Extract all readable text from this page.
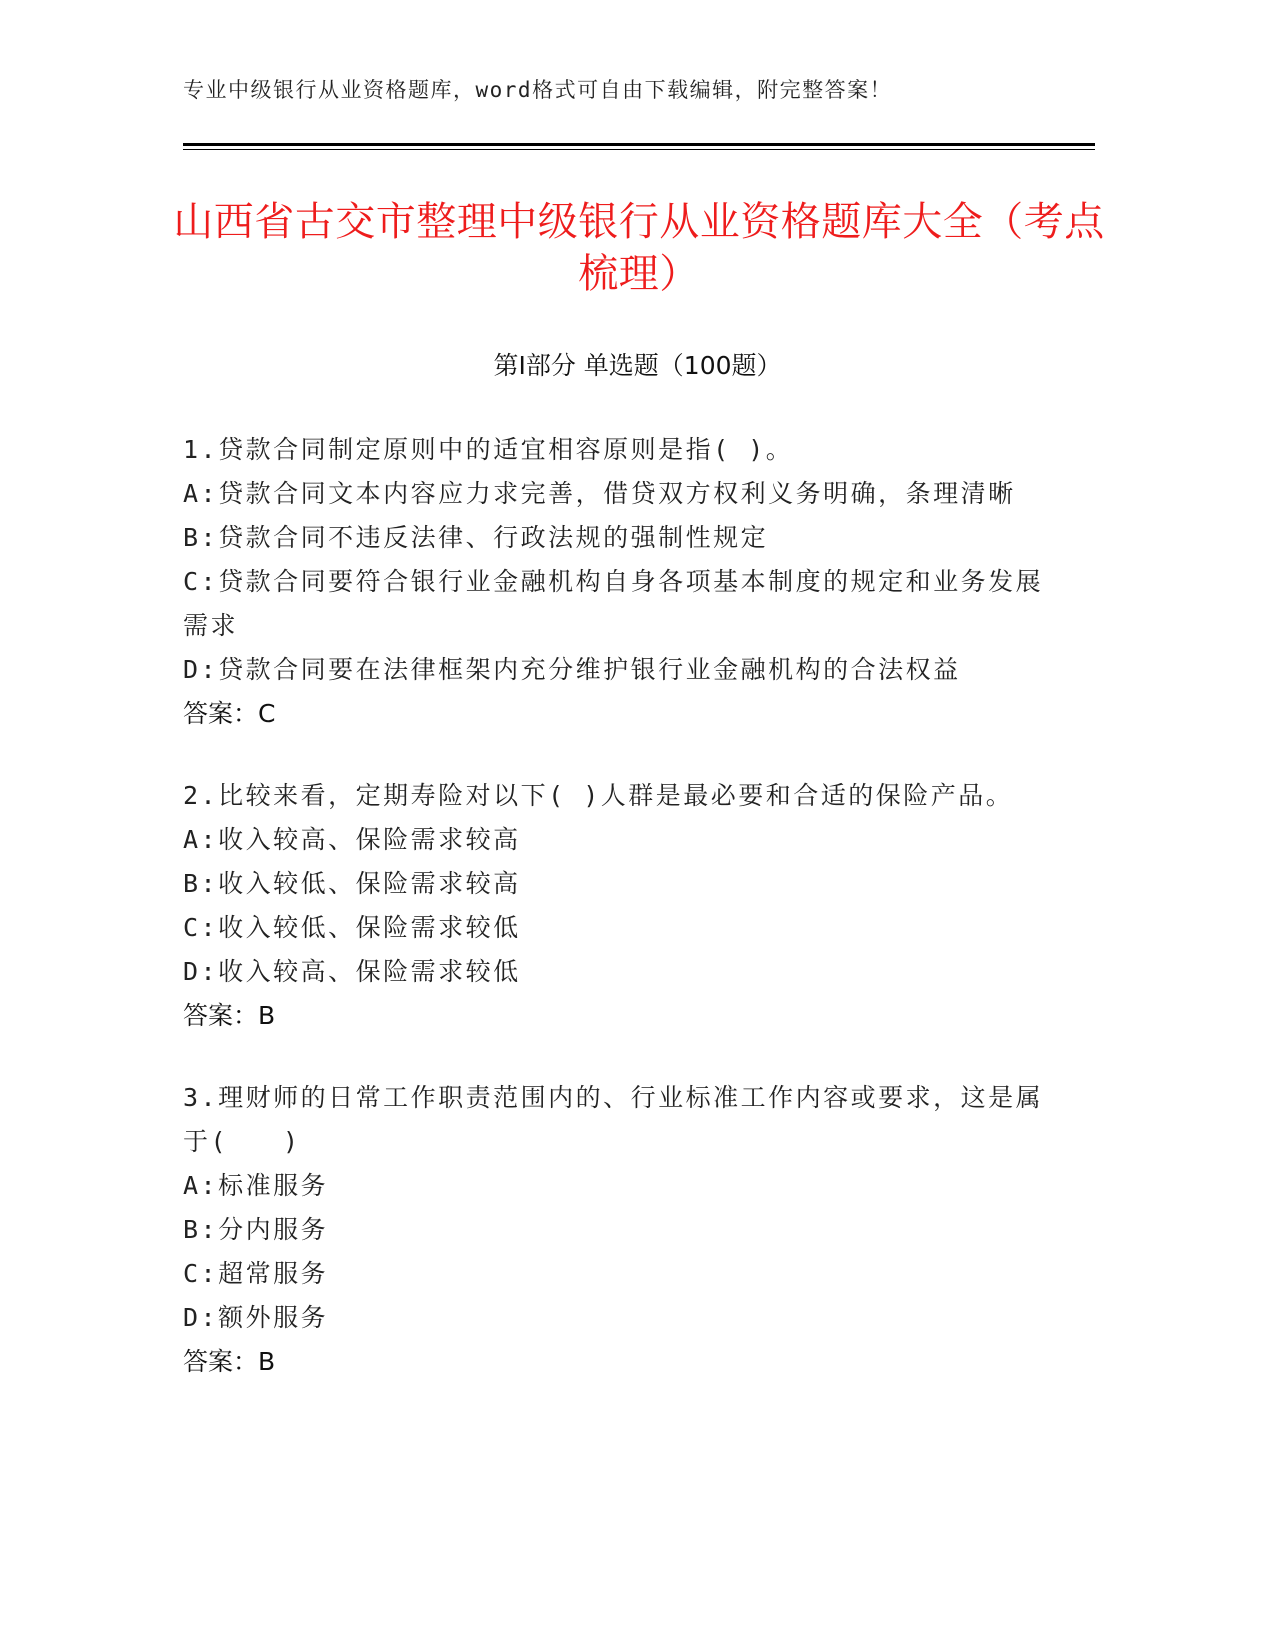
专业中级银行从业资格题库，word格式可自由下载编辑，附完整答案！
山西省古交市整理中级银行从业资格题库大全（考点梳理）
第Ⅰ部分 单选题（100题）
1.贷款合同制定原则中的适宜相容原则是指( )。
A:贷款合同文本内容应力求完善，借贷双方权利义务明确，条理清晰
B:贷款合同不违反法律、行政法规的强制性规定
C:贷款合同要符合银行业金融机构自身各项基本制度的规定和业务发展需求
D:贷款合同要在法律框架内充分维护银行业金融机构的合法权益
答案：C
2.比较来看，定期寿险对以下( )人群是最必要和合适的保险产品。
A:收入较高、保险需求较高
B:收入较低、保险需求较高
C:收入较低、保险需求较低
D:收入较高、保险需求较低
答案：B
3.理财师的日常工作职责范围内的、行业标准工作内容或要求，这是属于(　　)
A:标准服务
B:分内服务
C:超常服务
D:额外服务
答案：B
